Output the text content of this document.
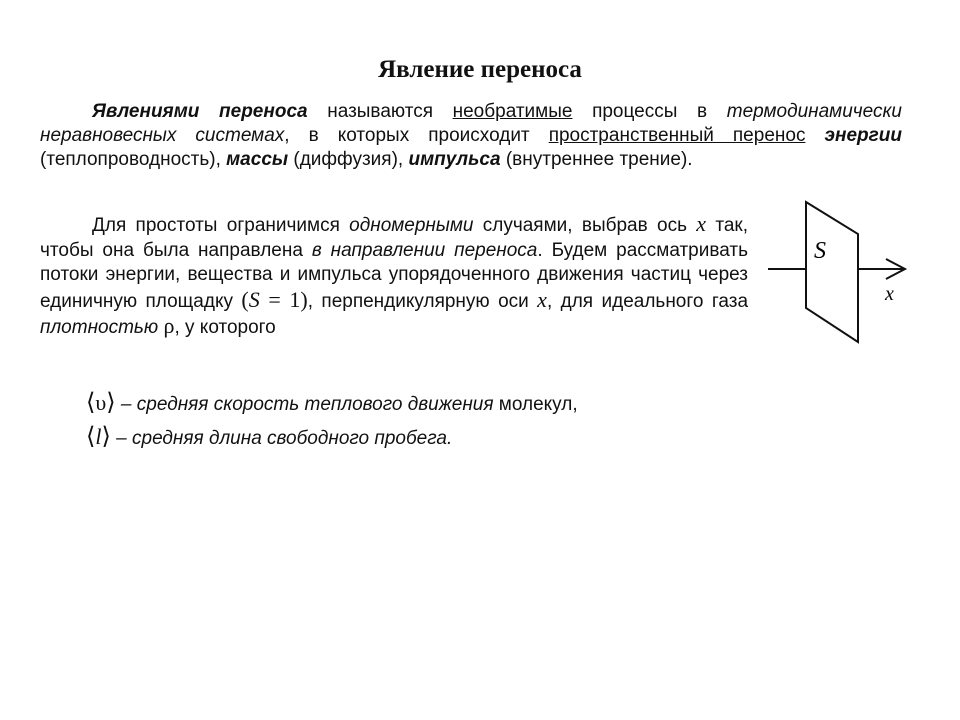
Явление переноса
Явлениями переноса называются необратимые процессы в термодинамически неравновесных системах, в которых происходит пространственный перенос энергии (теплопроводность), массы (диффузия), импульса (внутреннее трение).
Для простоты ограничимся одномерными случаями, выбрав ось x так, чтобы она была направлена в направлении переноса. Будем рассматривать потоки энергии, вещества и импульса упорядоченного движения частиц через единичную площадку (S = 1), перпендикулярную оси x, для идеального газа плотностью ρ, у которого
⟨υ⟩ – средняя скорость теплового движения молекул,
⟨l⟩ – средняя длина свободного пробега.
S
x
